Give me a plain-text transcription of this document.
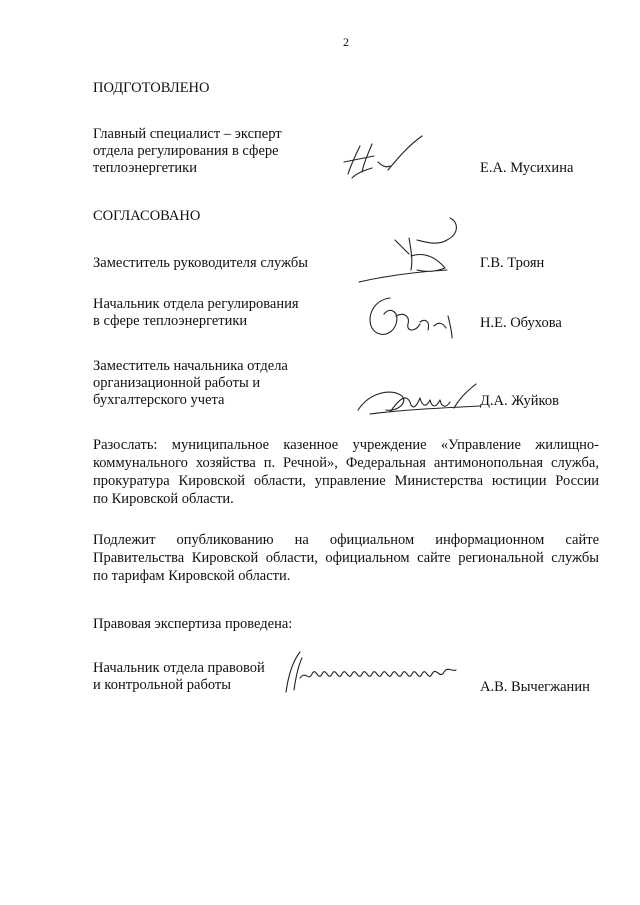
2
ПОДГОТОВЛЕНО
Главный специалист – эксперт
отдела регулирования в сфере
теплоэнергетики	Е.А. Мусихина
СОГЛАСОВАНО
Заместитель руководителя службы	Г.В. Троян
Начальник отдела регулирования
в сфере теплоэнергетики	Н.Е. Обухова
Заместитель начальника отдела
организационной работы и
бухгалтерского учета	Д.А. Жуйков
Разослать: муниципальное казенное учреждение «Управление жилищно-
коммунального хозяйства п. Речной», Федеральная антимонопольная служба,
прокуратура Кировской области, управление Министерства юстиции России
по Кировской области.
Подлежит опубликованию на официальном информационном сайте
Правительства Кировской области, официальном сайте региональной службы
по тарифам Кировской области.
Правовая экспертиза проведена:
Начальник отдела правовой
и контрольной работы	А.В. Вычегжанин
